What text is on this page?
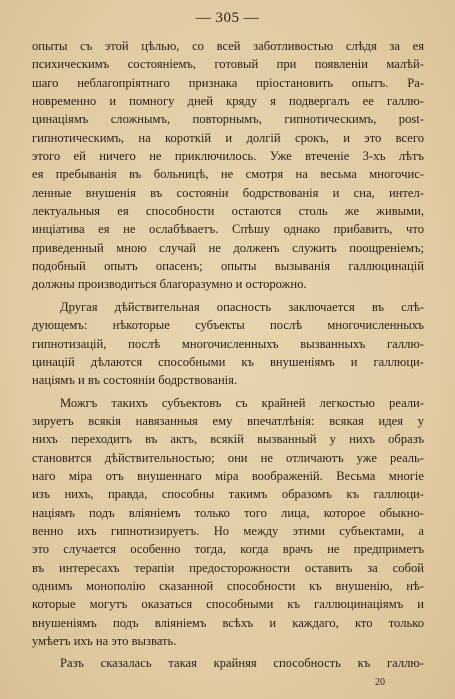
— 305 —
опыты съ этой цѣлью, со всей заботливостью слѣдя за ея
психическимъ состояніемъ, готовый при появленіи малѣй-
шаго неблагопріятнаго признака пріостановить опытъ. Ра-
новременно и помногу дней кряду я подвергалъ ее галлю-
цинаціямъ сложнымъ, повторнымъ, гипнотическимъ, post-
гипнотическимъ, на короткій и долгій срокъ, и это всего
этого ей ничего не приключилось. Уже втеченіе 3-хъ лѣтъ
ея пребыванія въ больницѣ, не смотря на весьма многочис-
ленные внушенія въ состояніи бодрствованія и сна, интел-
лектуальныя ея способности остаются столь же живыми,
инціатива ея не ослабѣваетъ. Спѣшу однако прибавить, что
приведенный мною случай не долженъ служить поощреніемъ;
подобный опытъ опасенъ; опыты вызыванія галлюцинацій
должны производиться благоразумно и осторожно.
Другая дѣйствительная опасность заключается въ слѣ-
дующемъ: нѣкоторые субъекты послѣ многочисленныхъ
гипнотизацій, послѣ многочисленныхъ вызванныхъ галлю-
цинацій дѣлаются способными къ внушеніямъ и галлюци-
націямъ и въ состояніи бодрствованія.
Можгъ такихъ субъектовъ съ крайней легкостью реали-
зируетъ всякія навязанныя ему впечатлѣнія: всякая идея у
нихъ переходитъ въ актъ, всякій вызванный у нихъ образъ
становится дѣйствительностью; они не отличаютъ уже реаль-
наго міра отъ внушеннаго міра воображеній. Весьма многіе
изъ нихъ, правда, способны такимъ образомъ къ галлюци-
націямъ подъ вліяніемъ только того лица, которое обыкно-
венно ихъ гипнотизируетъ. Но между этими субъектами, а
это случается особенно тогда, когда врачъ не предприметъ
въ интересахъ терапіи предосторожности оставить за собой
однимъ монополію сказанной способности къ внушенію, нѣ-
которые могутъ оказаться способными къ галлюцинаціямъ и
внушеніямъ подъ вліяніемъ всѣхъ и каждаго, кто только
умѣетъ ихъ на это вызвать.
Разъ сказалась такая крайняя способность къ галлю-
20
